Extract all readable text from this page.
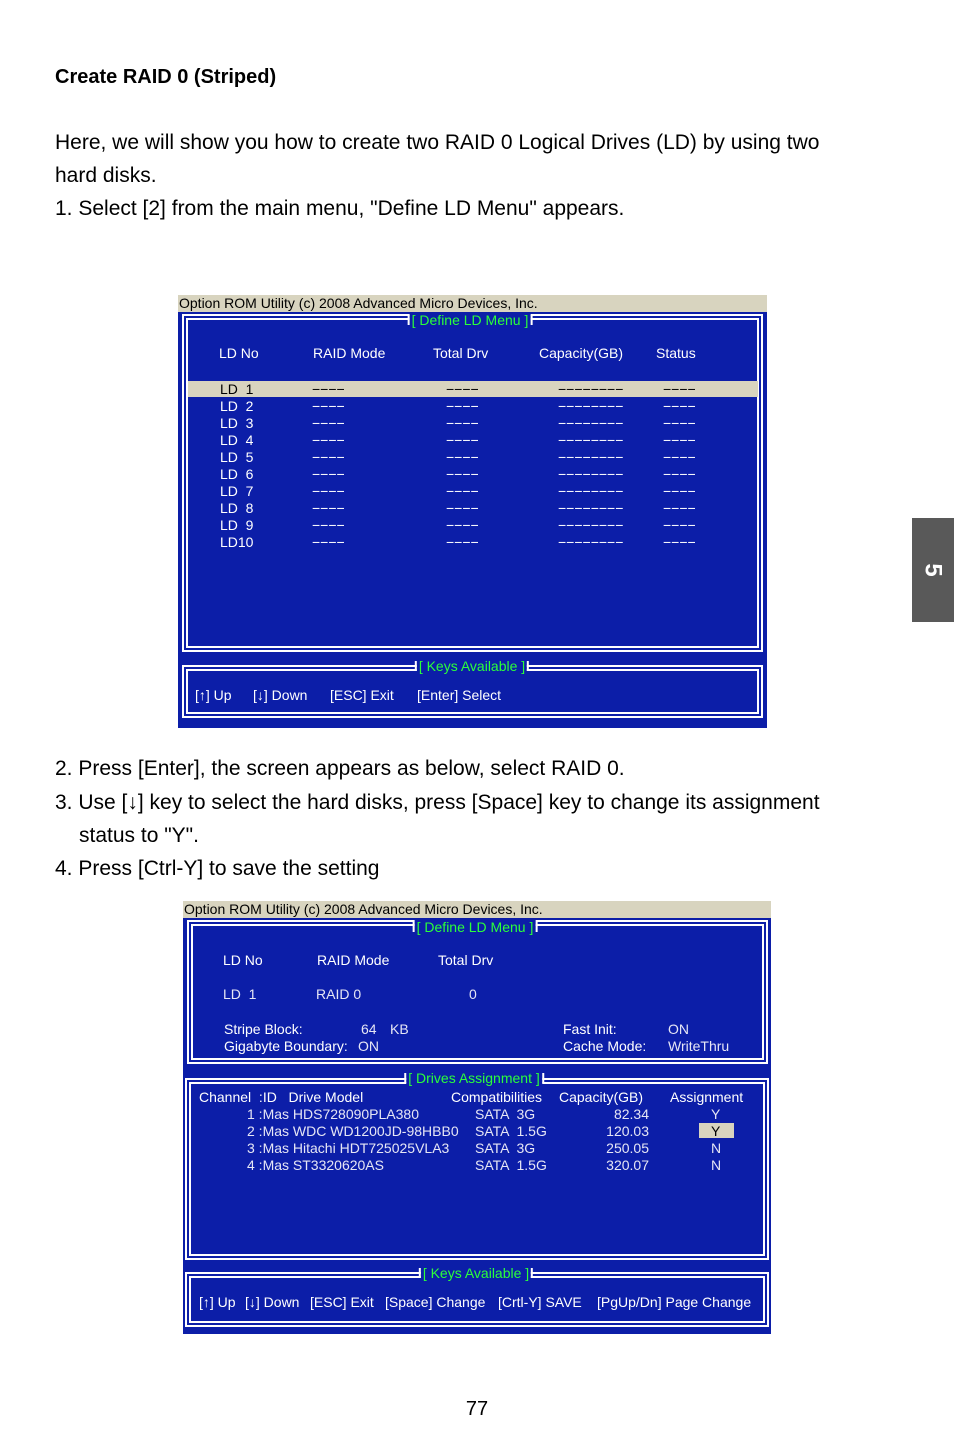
Create RAID 0 (Striped)
Here, we will show you how to create two RAID 0 Logical Drives (LD) by using two
hard disks.
1. Select [2] from the main menu, "Define LD Menu" appears.
5
Option ROM Utility (c) 2008 Advanced Micro Devices, Inc.
[ Define LD Menu ]
LD No	RAID Mode	Total Drv	Capacity(GB) Status
LD  1	−−−−	−−−−	−−−−−−−−	−−−−
LD  2	−−−−	−−−−	−−−−−−−−	−−−−
LD  3	−−−−	−−−−	−−−−−−−−	−−−−
LD  4	−−−−	−−−−	−−−−−−−−	−−−−
LD  5	−−−−	−−−−	−−−−−−−−	−−−−
LD  6	−−−−	−−−−	−−−−−−−−	−−−−
LD  7	−−−−	−−−−	−−−−−−−−	−−−−
LD  8	−−−−	−−−−	−−−−−−−−	−−−−
LD  9	−−−−	−−−−	−−−−−−−−	−−−−
LD10	−−−−	−−−−	−−−−−−−−	−−−−
[ Keys Available ]
[↑] Up [↓] Down [ESC] Exit [Enter] Select
2. Press [Enter], the screen appears as below, select RAID 0.
3. Use [↓] key to select the hard disks, press [Space] key to change its assignment
status to "Y".
4. Press [Ctrl-Y] to save the setting
Option ROM Utility (c) 2008 Advanced Micro Devices, Inc.
[ Define LD Menu ]
LD No	RAID Mode	Total Drv
LD  1	RAID 0	0
Stripe Block:	64 KB
Gigabyte Boundary: ON
Fast Init:	ON
Cache Mode: WriteThru
[ Drives Assignment ]
Channel  :ID   Drive Model	Compatibilities Capacity(GB) Assignment
1 :Mas HDS728090PLA380	SATA  3G	82.34	Y
2 :Mas WDC WD1200JD-98HBB0 SATA  1.5G	120.03	Y
3 :Mas Hitachi HDT725025VLA3 SATA  3G	250.05	N
4 :Mas ST3320620AS	SATA  1.5G	320.07	N
[ Keys Available ]
[↑] Up [↓] Down [ESC] Exit [Space] Change [Crtl-Y] SAVE [PgUp/Dn] Page Change
77
